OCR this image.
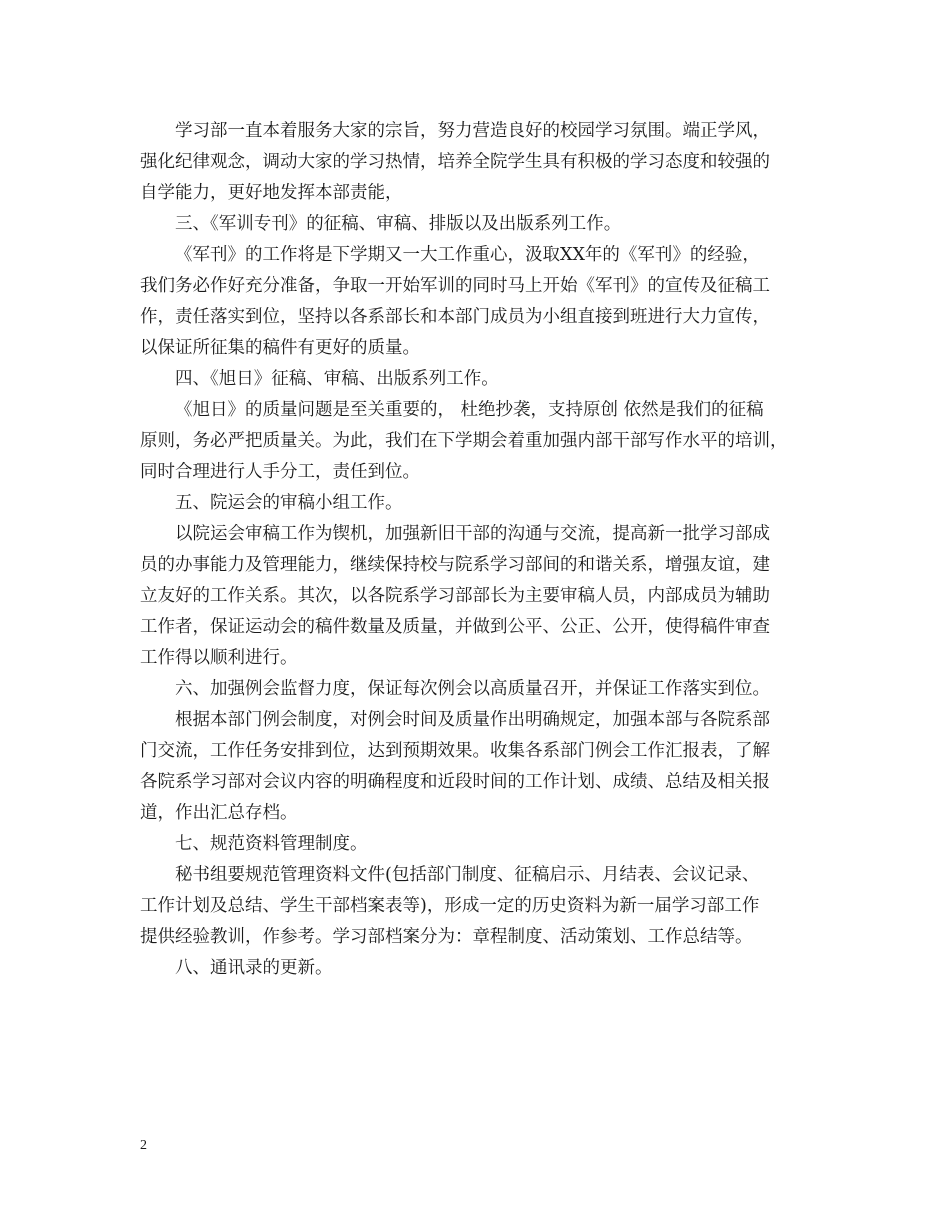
学习部一直本着服务大家的宗旨，努力营造良好的校园学习氛围。端正学风，
强化纪律观念，调动大家的学习热情，培养全院学生具有积极的学习态度和较强的
自学能力，更好地发挥本部责能，
三、《军训专刊》的征稿、审稿、排版以及出版系列工作。
《军刊》的工作将是下学期又一大工作重心，汲取XX年的《军刊》的经验，
我们务必作好充分准备，争取一开始军训的同时马上开始《军刊》的宣传及征稿工
作，责任落实到位，坚持以各系部长和本部门成员为小组直接到班进行大力宣传，
以保证所征集的稿件有更好的质量。
四、《旭日》征稿、审稿、出版系列工作。
《旭日》的质量问题是至关重要的， 杜绝抄袭，支持原创 依然是我们的征稿
原则，务必严把质量关。为此，我们在下学期会着重加强内部干部写作水平的培训，
同时合理进行人手分工，责任到位。
五、院运会的审稿小组工作。
以院运会审稿工作为锲机，加强新旧干部的沟通与交流，提高新一批学习部成
员的办事能力及管理能力，继续保持校与院系学习部间的和谐关系，增强友谊，建
立友好的工作关系。其次，以各院系学习部部长为主要审稿人员，内部成员为辅助
工作者，保证运动会的稿件数量及质量，并做到公平、公正、公开，使得稿件审查
工作得以顺利进行。
六、加强例会监督力度，保证每次例会以高质量召开，并保证工作落实到位。
根据本部门例会制度，对例会时间及质量作出明确规定，加强本部与各院系部
门交流，工作任务安排到位，达到预期效果。收集各系部门例会工作汇报表，了解
各院系学习部对会议内容的明确程度和近段时间的工作计划、成绩、总结及相关报
道，作出汇总存档。
七、规范资料管理制度。
秘书组要规范管理资料文件(包括部门制度、征稿启示、月结表、会议记录、
工作计划及总结、学生干部档案表等)，形成一定的历史资料为新一届学习部工作
提供经验教训，作参考。学习部档案分为：章程制度、活动策划、工作总结等。
八、通讯录的更新。
2
